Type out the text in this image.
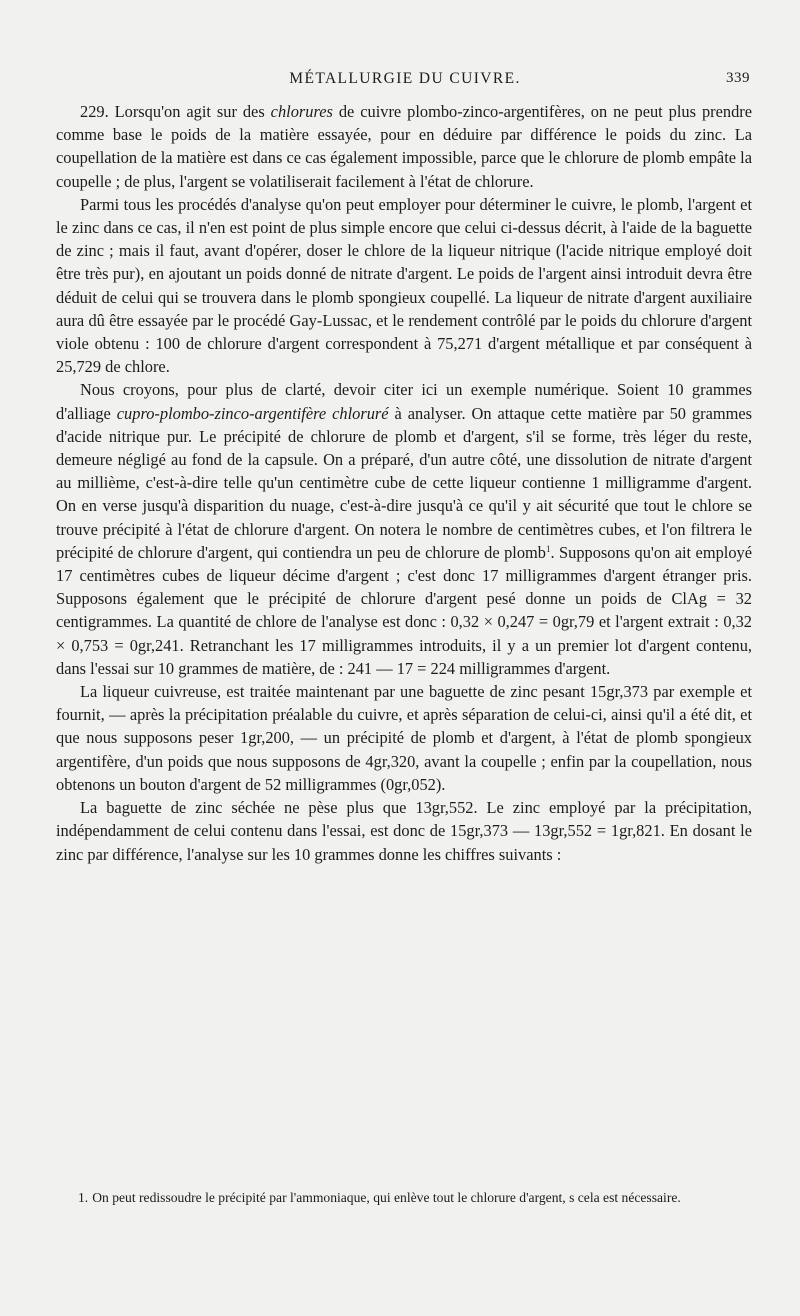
MÉTALLURGIE DU CUIVRE.	339

229. Lorsqu'on agit sur des chlorures de cuivre plombo-zinco-argentifères, on ne peut plus prendre comme base le poids de la matière essayée, pour en déduire par différence le poids du zinc. La coupellation de la matière est dans ce cas également impossible, parce que le chlorure de plomb empâte la coupelle ; de plus, l'argent se volatiliserait facilement à l'état de chlorure.

Parmi tous les procédés d'analyse qu'on peut employer pour déterminer le cuivre, le plomb, l'argent et le zinc dans ce cas, il n'en est point de plus simple encore que celui ci-dessus décrit, à l'aide de la baguette de zinc ; mais il faut, avant d'opérer, doser le chlore de la liqueur nitrique (l'acide nitrique employé doit être très pur), en ajoutant un poids donné de nitrate d'argent. Le poids de l'argent ainsi introduit devra être déduit de celui qui se trouvera dans le plomb spongieux coupellé. La liqueur de nitrate d'argent auxiliaire aura dû être essayée par le procédé Gay-Lussac, et le rendement contrôlé par le poids du chlorure d'argent viole obtenu : 100 de chlorure d'argent correspondent à 75,271 d'argent métallique et par conséquent à 25,729 de chlore.

Nous croyons, pour plus de clarté, devoir citer ici un exemple numérique. Soient 10 grammes d'alliage cupro-plombo-zinco-argentifère chloruré à analyser. On attaque cette matière par 50 grammes d'acide nitrique pur. Le précipité de chlorure de plomb et d'argent, s'il se forme, très léger du reste, demeure négligé au fond de la capsule. On a préparé, d'un autre côté, une dissolution de nitrate d'argent au millième, c'est-à-dire telle qu'un centimètre cube de cette liqueur contienne 1 milligramme d'argent. On en verse jusqu'à disparition du nuage, c'est-à-dire jusqu'à ce qu'il y ait sécurité que tout le chlore se trouve précipité à l'état de chlorure d'argent. On notera le nombre de centimètres cubes, et l'on filtrera le précipité de chlorure d'argent, qui contiendra un peu de chlorure de plomb$^1$. Supposons qu'on ait employé 17 centimètres cubes de liqueur décime d'argent ; c'est donc 17 milligrammes d'argent étranger pris. Supposons également que le précipité de chlorure d'argent pesé donne un poids de ClAg = 32 centigrammes. La quantité de chlore de l'analyse est donc : 0,32 × 0,247 = 0gr,79 et l'argent extrait : 0,32 × 0,753 = 0gr,241. Retranchant les 17 milligrammes introduits, il y a un premier lot d'argent contenu, dans l'essai sur 10 grammes de matière, de : 241 — 17 = 224 milligrammes d'argent.

La liqueur cuivreuse, est traitée maintenant par une baguette de zinc pesant 15gr,373 par exemple et fournit, — après la précipitation préalable du cuivre, et après séparation de celui-ci, ainsi qu'il a été dit, et que nous supposons peser 1gr,200, — un précipité de plomb et d'argent, à l'état de plomb spongieux argentifère, d'un poids que nous supposons de 4gr,320, avant la coupelle ; enfin par la coupellation, nous obtenons un bouton d'argent de 52 milligrammes (0gr,052).

La baguette de zinc séchée ne pèse plus que 13gr,552. Le zinc employé par la précipitation, indépendamment de celui contenu dans l'essai, est donc de 15gr,373 — 13gr,552 = 1gr,821. En dosant le zinc par différence, l'analyse sur les 10 grammes donne les chiffres suivants :

1. On peut redissoudre le précipité par l'ammoniaque, qui enlève tout le chlorure d'argent, s cela est nécessaire.
